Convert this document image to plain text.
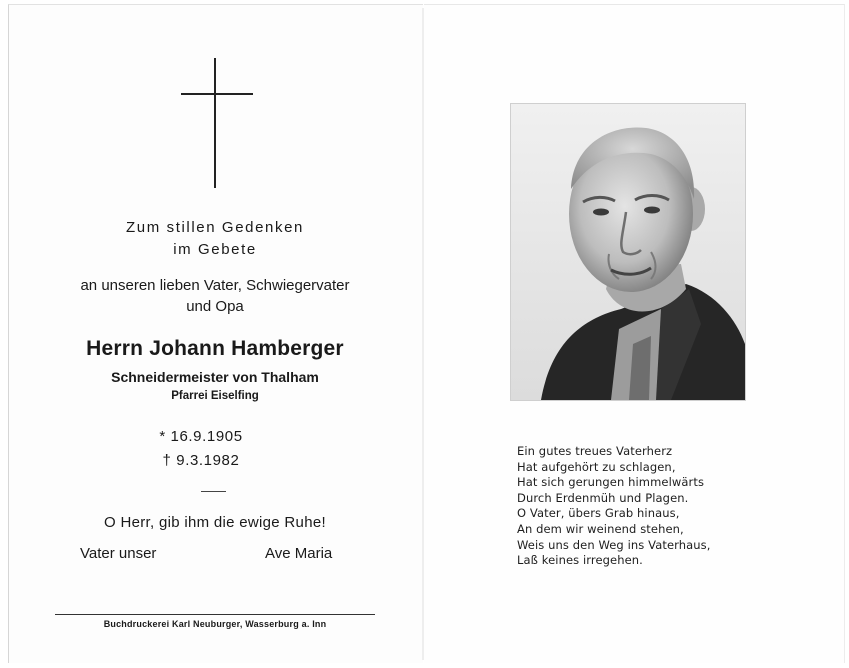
Zum stillen Gedenken
im Gebete
an unseren lieben Vater, Schwiegervater
und Opa
Herrn Johann Hamberger
Schneidermeister von Thalham
Pfarrei Eiselfing
* 16.9.1905
† 9.3.1982
O Herr, gib ihm die ewige Ruhe!
Vater unser	Ave Maria
Buchdruckerei Karl Neuburger, Wasserburg a. Inn
Ein gutes treues Vaterherz
Hat aufgehört zu schlagen,
Hat sich gerungen himmelwärts
Durch Erdenmüh und Plagen.
O Vater, übers Grab hinaus,
An dem wir weinend stehen,
Weis uns den Weg ins Vaterhaus,
Laß keines irregehen.
